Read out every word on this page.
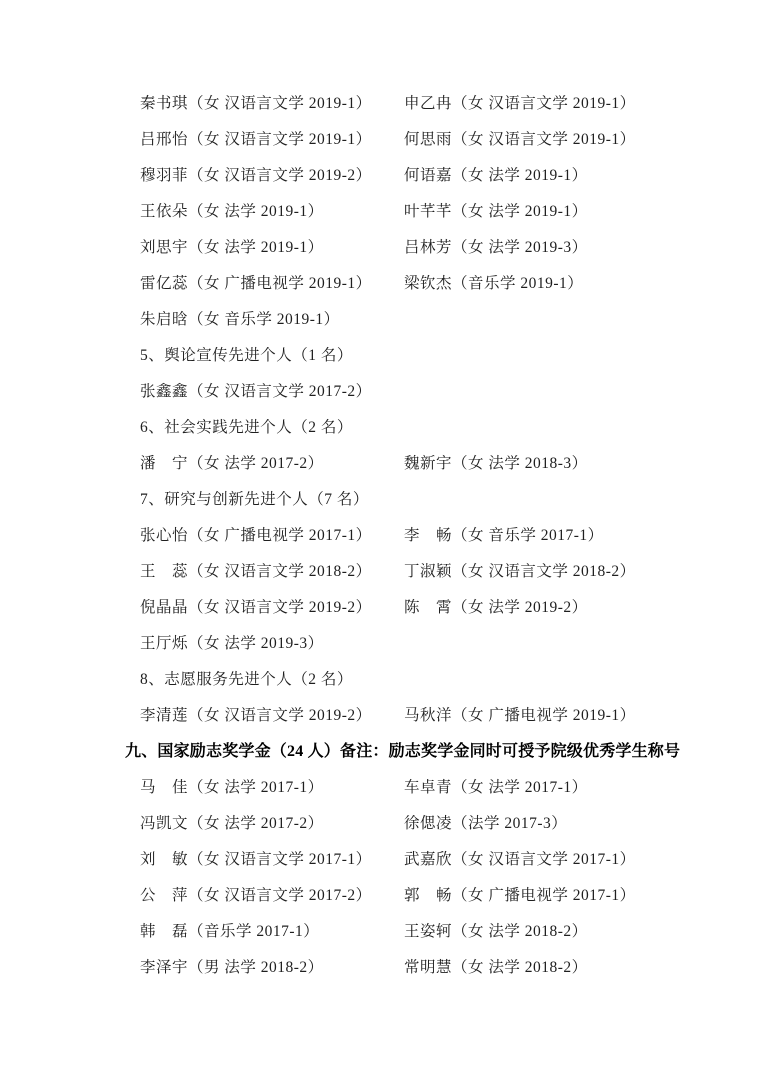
秦书琪（女 汉语言文学 2019-1） 申乙冉（女 汉语言文学 2019-1）
吕邢怡（女 汉语言文学 2019-1） 何思雨（女 汉语言文学 2019-1）
穆羽菲（女 汉语言文学 2019-2） 何语嘉（女 法学 2019-1）
王依朵（女 法学 2019-1）	叶芊芊（女 法学 2019-1）
刘思宇（女 法学 2019-1）	吕林芳（女 法学 2019-3）
雷亿蕊（女 广播电视学 2019-1） 梁钦杰（音乐学 2019-1）
朱启晗（女 音乐学 2019-1）
5、舆论宣传先进个人（1 名）
张鑫鑫（女 汉语言文学 2017-2）
6、社会实践先进个人（2 名）
潘　宁（女 法学 2017-2）	魏新宇（女 法学 2018-3）
7、研究与创新先进个人（7 名）
张心怡（女 广播电视学 2017-1） 李　畅（女 音乐学 2017-1）
王　蕊（女 汉语言文学 2018-2） 丁淑颖（女 汉语言文学 2018-2）
倪晶晶（女 汉语言文学 2019-2） 陈　霄（女 法学 2019-2）
王厅烁（女 法学 2019-3）
8、志愿服务先进个人（2 名）
李清莲（女 汉语言文学 2019-2） 马秋洋（女 广播电视学 2019-1）
九、国家励志奖学金（24 人）备注：励志奖学金同时可授予院级优秀学生称号
马　佳（女 法学 2017-1）	车卓青（女 法学 2017-1）
冯凯文（女 法学 2017-2）	徐偲凌（法学 2017-3）
刘　敏（女 汉语言文学 2017-1） 武嘉欣（女 汉语言文学 2017-1）
公　萍（女 汉语言文学 2017-2） 郭　畅（女 广播电视学 2017-1）
韩　磊（音乐学 2017-1）	王姿轲（女 法学 2018-2）
李泽宇（男 法学 2018-2）	常明慧（女 法学 2018-2）
